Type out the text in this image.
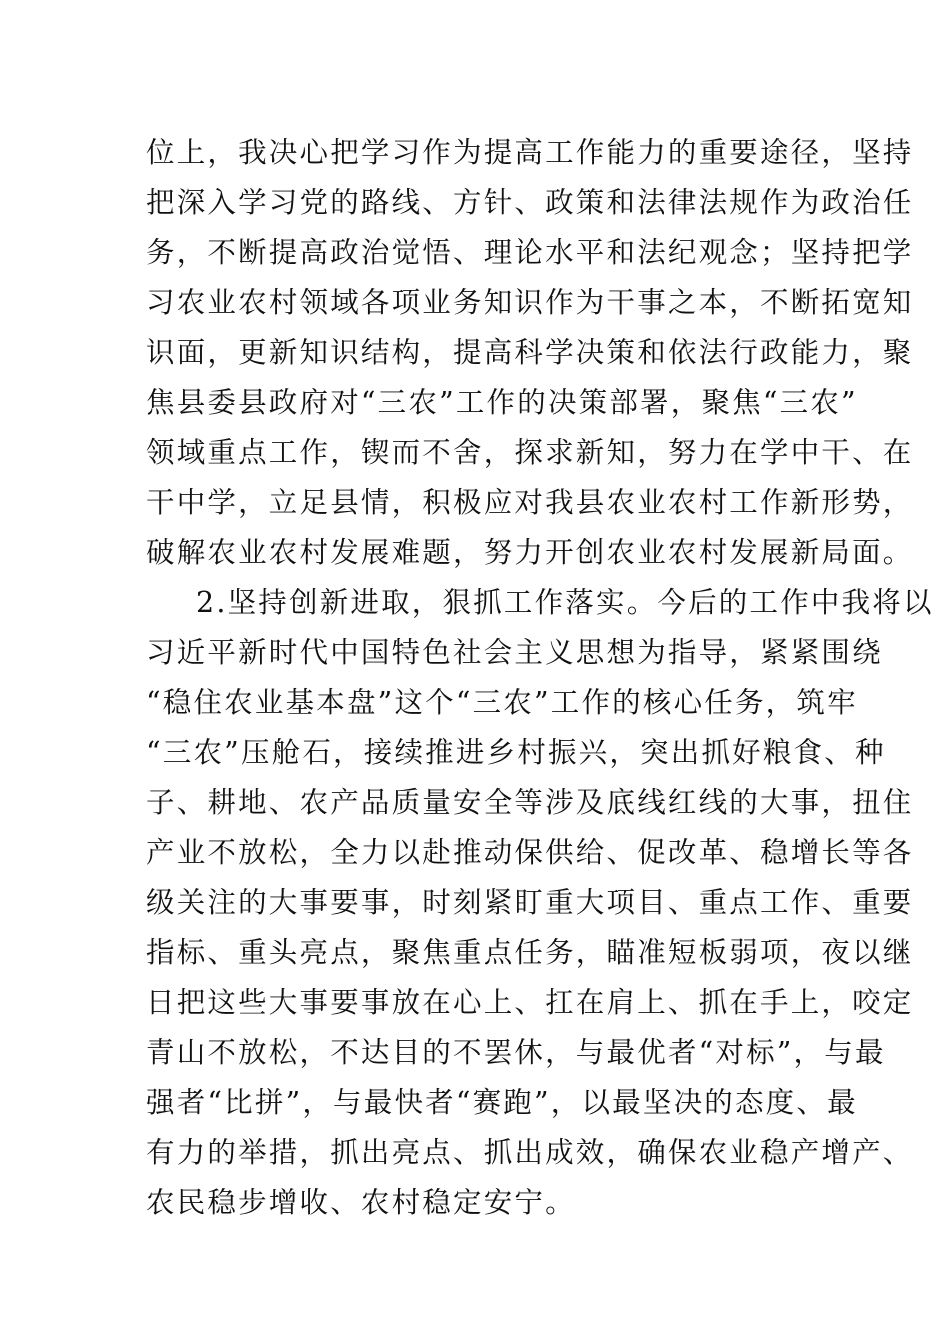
位上，我决心把学习作为提高工作能力的重要途径，坚持
把深入学习党的路线、方针、政策和法律法规作为政治任
务，不断提高政治觉悟、理论水平和法纪观念；坚持把学
习农业农村领域各项业务知识作为干事之本，不断拓宽知
识面，更新知识结构，提高科学决策和依法行政能力，聚
焦县委县政府对“三农”工作的决策部署，聚焦“三农”
领域重点工作，锲而不舍，探求新知，努力在学中干、在
干中学，立足县情，积极应对我县农业农村工作新形势，
破解农业农村发展难题，努力开创农业农村发展新局面。
2.坚持创新进取，狠抓工作落实。今后的工作中我将以
习近平新时代中国特色社会主义思想为指导，紧紧围绕
“稳住农业基本盘”这个“三农”工作的核心任务，筑牢
“三农”压舱石，接续推进乡村振兴，突出抓好粮食、种
子、耕地、农产品质量安全等涉及底线红线的大事，扭住
产业不放松，全力以赴推动保供给、促改革、稳增长等各
级关注的大事要事，时刻紧盯重大项目、重点工作、重要
指标、重头亮点，聚焦重点任务，瞄准短板弱项，夜以继
日把这些大事要事放在心上、扛在肩上、抓在手上，咬定
青山不放松，不达目的不罢休，与最优者“对标”，与最
强者“比拼”，与最快者“赛跑”，以最坚决的态度、最
有力的举措，抓出亮点、抓出成效，确保农业稳产增产、
农民稳步增收、农村稳定安宁。
